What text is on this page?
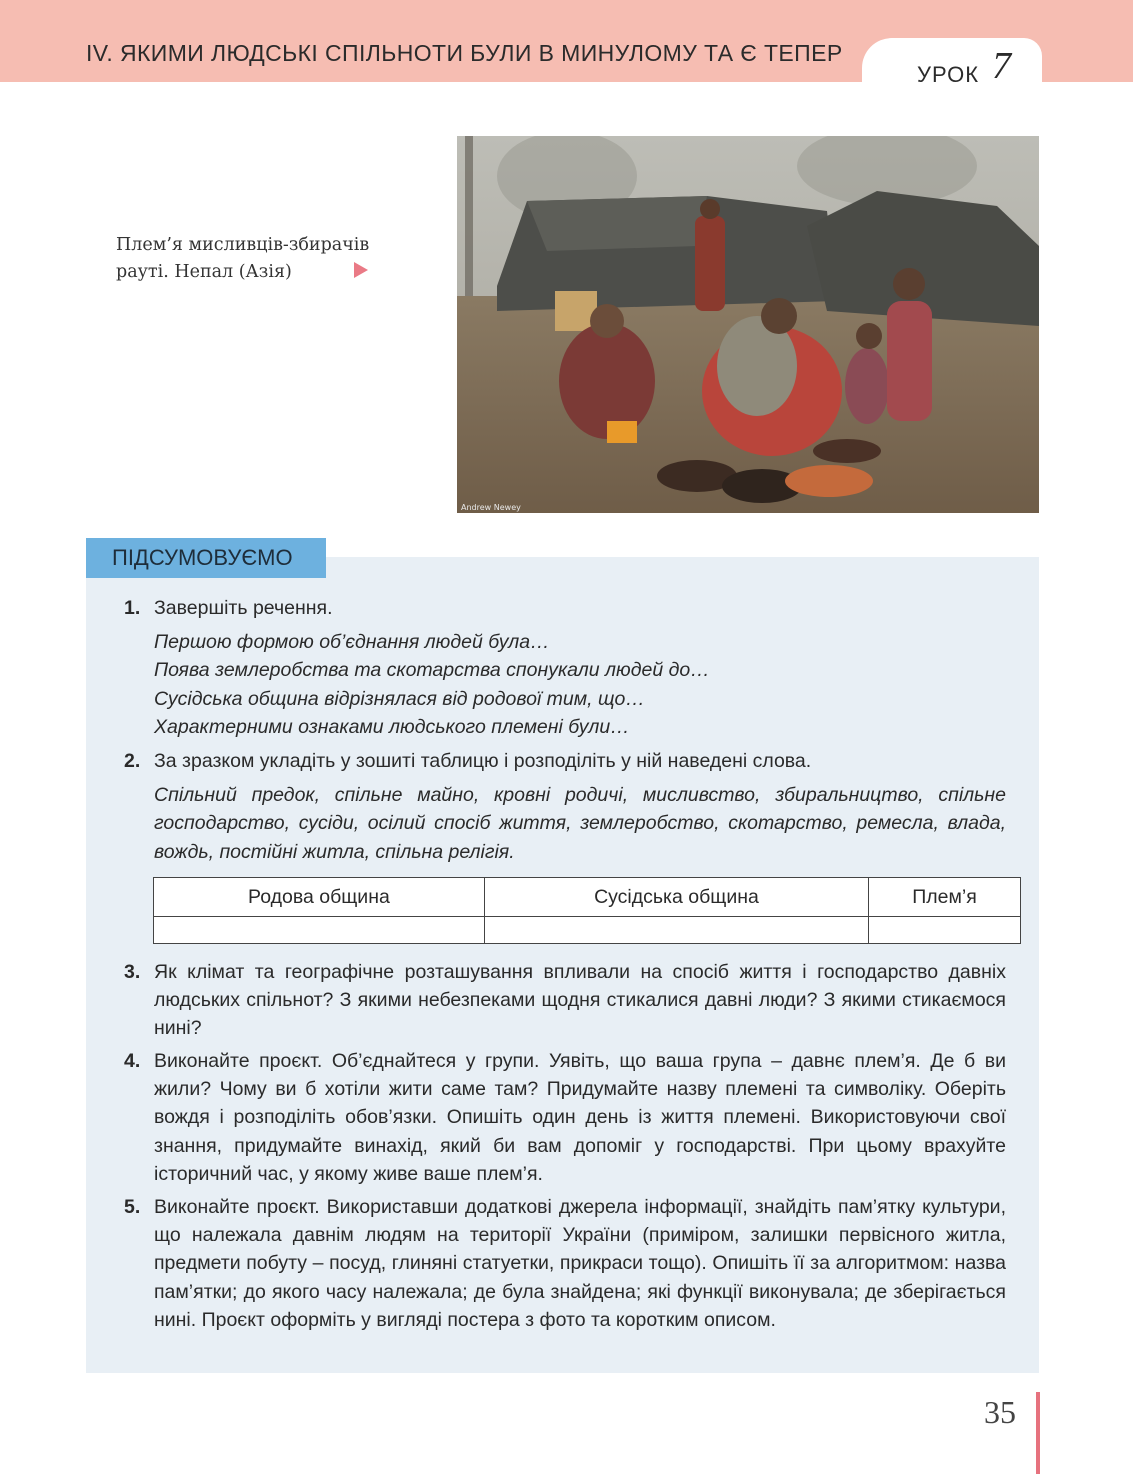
IV. ЯКИМИ ЛЮДСЬКІ СПІЛЬНОТИ БУЛИ В МИНУЛОМУ ТА Є ТЕПЕР
УРОК 7
Плем’я мисливців-збирачів
рауті. Непал (Азія)
Andrew Newey
ПІДСУМОВУЄМО
1. Завершіть речення.
Першою формою об’єднання людей була…
Поява землеробства та скотарства спонукали людей до…
Сусідська община відрізнялася від родової тим, що…
Характерними ознаками людського племені були…
2. За зразком укладіть у зошиті таблицю і розподіліть у ній наведені слова.
Спільний предок, спільне майно, кровні родичі, мисливство, збиральництво, спільне господарство, сусіди, осілий спосіб життя, землеробство, скотарство, ремесла, влада, вождь, постійні житла, спільна релігія.
Родова община	Сусідська община	Плем’я

3. Як клімат та географічне розташування впливали на спосіб життя і господарство давніх людських спільнот? З якими небезпеками щодня стикалися давні люди? З якими стикаємося нині?
4. Виконайте проєкт. Об’єднайтеся у групи. Уявіть, що ваша група – давнє плем’я. Де б ви жили? Чому ви б хотіли жити саме там? Придумайте назву племені та символіку. Оберіть вождя і розподіліть обов’язки. Опишіть один день із життя племені. Використовуючи свої знання, придумайте винахід, який би вам допоміг у господарстві. При цьому врахуйте історичний час, у якому живе ваше плем’я.
5. Виконайте проєкт. Використавши додаткові джерела інформації, знайдіть пам’ятку культури, що належала давнім людям на території України (приміром, залишки первісного житла, предмети побуту – посуд, глиняні статуетки, прикраси тощо). Опишіть її за алгоритмом: назва пам’ятки; до якого часу належала; де була знайдена; які функції виконувала; де зберігається нині. Проєкт оформіть у вигляді постера з фото та коротким описом.
35
